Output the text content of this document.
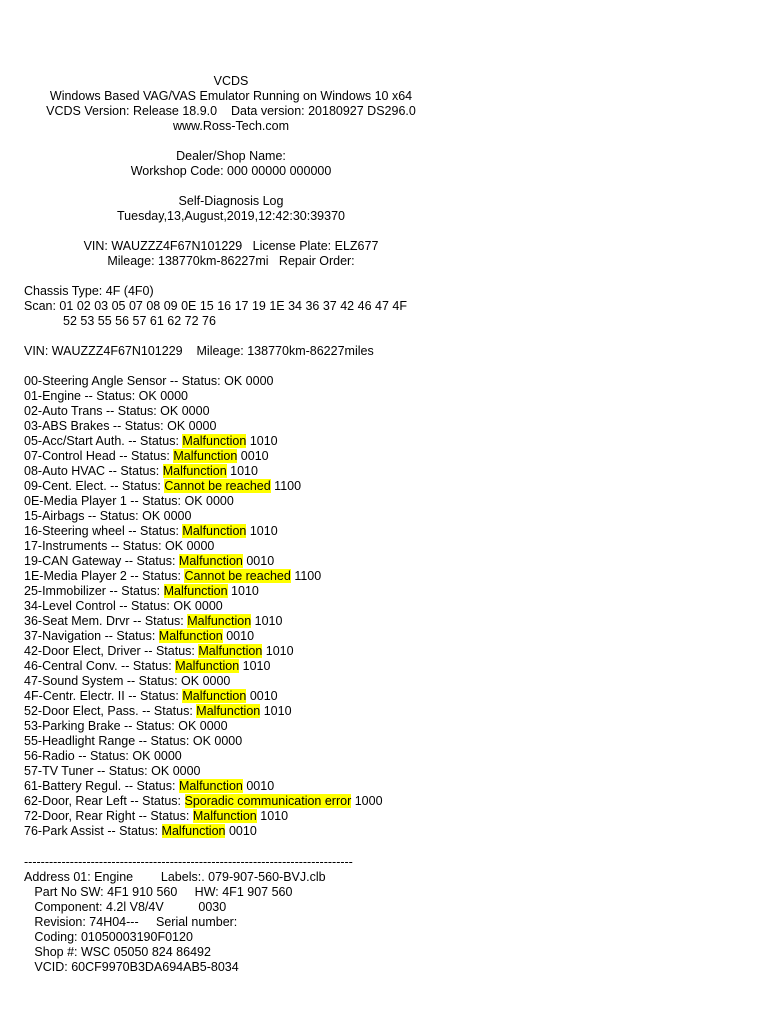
VCDS
Windows Based VAG/VAS Emulator Running on Windows 10 x64
VCDS Version: Release 18.9.0    Data version: 20180927 DS296.0
www.Ross-Tech.com
Dealer/Shop Name:
Workshop Code: 000 00000 000000
Self-Diagnosis Log
Tuesday,13,August,2019,12:42:30:39370
VIN: WAUZZZ4F67N101229   License Plate: ELZ677
Mileage: 138770km-86227mi   Repair Order:
Chassis Type: 4F (4F0)
Scan: 01 02 03 05 07 08 09 0E 15 16 17 19 1E 34 36 37 42 46 47 4F
52 53 55 56 57 61 62 72 76
VIN: WAUZZZ4F67N101229    Mileage: 138770km-86227miles
00-Steering Angle Sensor -- Status: OK 0000
01-Engine -- Status: OK 0000
02-Auto Trans -- Status: OK 0000
03-ABS Brakes -- Status: OK 0000
05-Acc/Start Auth. -- Status: Malfunction 1010
07-Control Head -- Status: Malfunction 0010
08-Auto HVAC -- Status: Malfunction 1010
09-Cent. Elect. -- Status: Cannot be reached 1100
0E-Media Player 1 -- Status: OK 0000
15-Airbags -- Status: OK 0000
16-Steering wheel -- Status: Malfunction 1010
17-Instruments -- Status: OK 0000
19-CAN Gateway -- Status: Malfunction 0010
1E-Media Player 2 -- Status: Cannot be reached 1100
25-Immobilizer -- Status: Malfunction 1010
34-Level Control -- Status: OK 0000
36-Seat Mem. Drvr -- Status: Malfunction 1010
37-Navigation -- Status: Malfunction 0010
42-Door Elect, Driver -- Status: Malfunction 1010
46-Central Conv. -- Status: Malfunction 1010
47-Sound System -- Status: OK 0000
4F-Centr. Electr. II -- Status: Malfunction 0010
52-Door Elect, Pass. -- Status: Malfunction 1010
53-Parking Brake -- Status: OK 0000
55-Headlight Range -- Status: OK 0000
56-Radio -- Status: OK 0000
57-TV Tuner -- Status: OK 0000
61-Battery Regul. -- Status: Malfunction 0010
62-Door, Rear Left -- Status: Sporadic communication error 1000
72-Door, Rear Right -- Status: Malfunction 1010
76-Park Assist -- Status: Malfunction 0010
-------------------------------------------------------------------------------
Address 01: Engine        Labels:. 079-907-560-BVJ.clb
Part No SW: 4F1 910 560     HW: 4F1 907 560
Component: 4.2l V8/4V          0030
Revision: 74H04---     Serial number:
Coding: 01050003190F0120
Shop #: WSC 05050 824 86492
VCID: 60CF9970B3DA694AB5-8034
